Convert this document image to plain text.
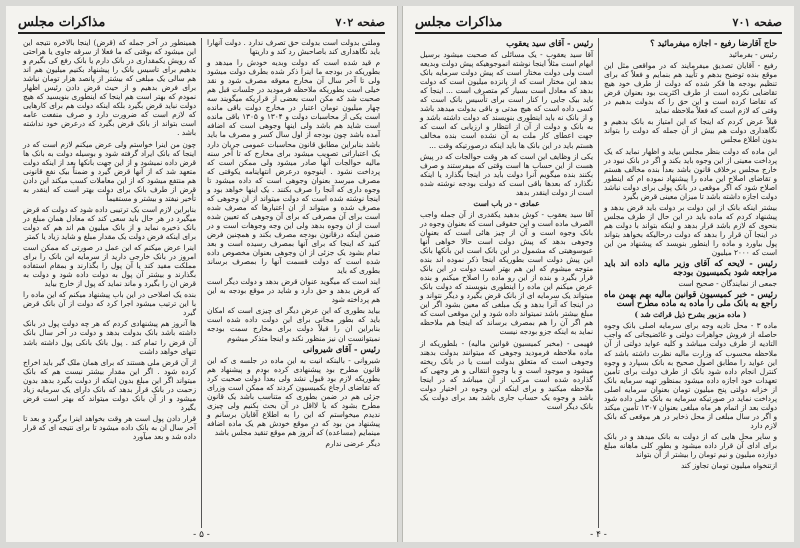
صفحه ۷۰۲
مذاکرات مجلس

وملتی بدولت است بدولت حق تصرف ندارد . دولت آنهارا باید نگاهداری کند باصاحبش رد کند و داریتها

م قید شده است که دولت وبدیه خودش را میدهد و بطوریکه در بودجه ما اینرا ذکر شده بطرف دولت میشود ولی تا آخر سال آن مخارج معوقه مصرف شود و نقد خیلی است بطوریکه ملاحظه فرمودید در جلسات قبل هم صحبت شد که مکن است بعضی از قراریکه میگویند سه چهار میلیون تومان اعتبار در مخارج دولت باقی مانده است یکی از محاسبات دولت و ۱۳۰۴ و ۱۳۰۵ باقی مانده است شاید هم باشد ولی اینها وجوهی است که اضافه آمده باشد چون بودجه از اول سال کسر و مصرف ما باید باشد بنابراین مطابق قانون محاسبات عمومی جریان دارد یک اعتباراتی تصویب میشود برای مخارج که تا آخر سنه مالیه حوالجات آنها صادر میشود ولی ممکن است که پرداخت نشود . اینوجوه درعرض انتهاینامه یکوقتی که مصرف میرسد بعنوان وجوهی است که داده میشود تا وجوه داری که آنجا را صرف بکنند . یک اینها خواهد بود و اینجا نوشته شده است که دولت میتواند از ان وجوهی که مصرف شده و میتواند از ان اعتبارها که مصرف شده است برای آن مصرفی که برای آن وجوهی که تعیین شده است از ان وجوه بدهد ولی این وجه وجوهات است و در ضمن اینکه درقانون بودجه مصرف بکند و همچنین فرض کنید که اینجا که برای آنها بمصرف رسیده است و بعد تمام بشود یک جزئی از ان وجوهی بعنوان مخصوص داده شده است که دولت قسمت آنها را بمصرف برساند بطوری که باید

ایند است که میگوید عنوان قرض بدهد و دولت دیگر است که قرض بدهد و حق دارد و شاید در موقع بودجه به این هم پرداخته شود

بیاید بطوری که این عرض دیگر ای چیزی است که امکان باید که بطور مجانی برای این دولت داده شده است بنابراین ان را قبلاً دولت برای مخارج سمت بودجه نمیتوانست ان نیز منظور نکند و اینجا متذکر میشوم

رئیس - آقای شیروانی

شیروانی - بالبنکه انیت به این ماده در جلسه ی که این قانون مطرح بود پیشنهادی کرده بودم و پیشنهاد هم بطوریکه لازم بود قبول نشد ولی بعداً دولت صحبت کرد که تقاضای ارجاع بکمیسیون کردند که ممکن است وزرای جزئی هم در ضمن بطوری که متناسب باشد یک قانون مطرح بشود که یا لااقل در آن بحث بکنیم ولی چیزی ندیدم میخواستم که این را به اطلاع آقایان برسانم و پیشنهاد من بود که در موقع خودش هم یک ماده اضافه مینمایم (مساعده) که آنروز هم موقع تنقید مجلس باشد

دیگر عرضی ندارم

همینطور در آخر جمله که (قرض) اینجا بالاخره نتیجه این این میشود که بوقتی که ما فعلا از سرقه جاوی یا هراحتی که رویش یکمقداری در بانک دارم یا بانک رفع کی بگیرم و بدهیم برای تاسیس بانک را پیشنهاد بکنیم میلیون هم اند هم سالی یک مبلغی که بیشتر از پانصد هزار تومان نباشد برای فرض بدهیم و از حیث قرض دادن رئیس اظهار نمودم که بهتر است هم اینجا که اینطوری بنویسید که هیچ دولت نباید قرض بگیرد بلکه اینکه دولت هم برای کارهایی که لازم است که ضرورت دارد و صرف منفعت عامه است بتواند از بانک قرض بگیرد که درعرض خود نداشته باشد .

چون من اینرا خواستم ولی عرض میکنم لازم است که در اینجا که بانک ایراد گرفته شود و بوسیله دولت به بانک ها قرض داده نمیشود و از این جهت بانکها بعد از اینکه دولت متعهد شد که از آنها قرض گیرد و ضمناً بیک نفع قانونی هم منتفع میشود که از این معاملات کسب میکند این دادن قرض از طرف بانک برای دولت بهتر است که اینقدر به تأخیر نیفتد و بیشتر و مستقیماً

بنابراین لازم است یک ترتیبی داده شود که دولت که قرض میگیرد در هر حال باید سعی کند که معادل همان مبلغ در بانک ذخیره نماید و از بانک میلیون هم اند هم که دولت برای اینکه فرض دولت یک مقدار مبلغ و شاید زیاد یا کمتر

اینرا عرض میکنم که این عمل در صورتی که ممکن است امروز در بانک خارجی دارید از سرمایه این بانک را برای مملکت مفید کند یا آن پول را بگذارند و بمقام استفاده بگذارند و بیشتر آن پول به دولت داده شود و دولت به قرض ان را بگیرد و ماند نماید که پول از خارج بیاید

بنده یک اصلاحی در این باب پیشنهاد میکنم که این ماده را با این ترتیب میشود اجرا کرد که دولت از آن بانک قرض گیرد

ها آنروز هم پیشنهادی کردم که هر چه دولت پول در بانک داشته باشد بانک بدولت بدهد و دولت در آخر سال بانک آن قرض را تمام کند . پول بانک بانکی پول داشته باشد تنهای خواهد داشت

از آن قرض ملی هستند که برای همان ملک گیر باید اخراج کرده شود . اگر این مقدار بیشتر نیست هم که بانک میتواند اگر این مبلغ بدون اینکه از دولت بگیرد بدهد بدون زحمت در بانک قرار بدهد که بانک دارای یک سرمایه زیاد میشود و از آن بانک دولت میتواند که بهتر است قرض بگیرد

قرار دادن پول است هر وقت بخواهد اینرا برگیرد و بعد تا آخر سال ان به بانک داده میشود تا برای نتیجه ای که قرار داده شد و بعد میآورد

- ۵ -
صفحه ۷۰۱
مذاکرات مجلس
حاج آقارضا رفیع - اجازه میفرمائید ؟

رئیس - بفرمائید

رفیع - آقایان تصدیق میفرمایند که در مواقعی مثل این موقع بنده توضیح بدهم و تأیید هم بنمایم و فعلاً که برای تنظیم بودجه ها فکر شده که دولت از طرف خود هیچ تقاضایی نکرده است از طرف اکثریت بود بعنوان قرض که تقاضا کرده است و این حق را که بدولت بدهیم در وقتی که لازم است که فعلاً ملاحظه نماید

قبلاً عرض کردم که اینجا که این امتیاز به بانک بدهیم و نگاهداری دولت هم بیش از آن جمله که دولت را بتواند بدون اطلاع مجلس

این ماده که دولت بنظر مجلس بیاید و اظهار نماید که یک پرداخت معینی از این وجوه باید بکند و اگر در بانک نبود در خارج مجلس برخلاف قانون باشد بعداً بنده مخالف هستم و تقاضای اصلاح این ماده را پیشنهاد نموده ام که اینطور اصلاح شود که اگر موقعی در بانک پولی برای دولت نباشد دولت اجازه داشته باشد تا میزان معینی قرض بگیرد

بیشتر اینکه بانک از این دولت بر دولت باید قرض بدهد و پیشنهاد کردم که ماده باید در این حال از طرف مجلس بنحوی که لازم باشد قرار بدهد و اینکه بتواند با دولت هم در اینجا آن قرار را بدهد که دولت درحالیکه بخواهد بتواند پول بیاورد و ماده را اینطور بنویسد که پیشنهاد من این است که ۲۰۰۰ میلیون

رئیس - لایحه که آقای وزیر مالیه داده اند باید مراجعه شود بکمیسیون بودجه

جمعی از نمایندگان - صحیح است

رئیس - خبر کمیسیون قوانین مالیه بهم بهمن ماه راجع به بانک ملی را ماده به ماده مطرح است
( ماده مزبور بشرح ذیل قرائت شد )

ماده ۳ - محل تادیه وجه برای سرمایه اصلی بانک وجوه حاصله از فروش جواهرات دولتی و غائضیجاتی که واجب التادیه از طرف دولت میباشد و کلیه عواید دولتی از آن ملاحظه محسوب که وزارت مالیه نظرت داشته باشد که این عواید را مطابق اصول صحیح به بانک بسپارد و وجوه کنترل انجام داده شود بانک از طرف دولت برای تأمین تعهدات خود اجازه داده میشود بمنظور تهیه سرمایه بانک از خزانه دولتی پنج میلیون تومان بعنوان سرمایه اصلی پرداخت نماید در صورتیکه سرمایه به بانک ملی داده شود دولت بعد از اتمام هر ماه مبلغی بعنوان ۱۳۰۷ تأمین میکند و اگر در سال مبلغی از محل ذخایر در هر موقعی که بانک لازم دارد

و سایر محل هایی که از دولت به بانک میدهد و در بانک برای ادای آن قرار داده میشود و بطور کلی ماهانه مبلغ دوازده میلیون و نیم تومان را بیشتر از آن بتواند

ازتنخواه میلیون تومان تجاوز کند

رئیس - آقای سید یعقوب

آقا سید یعقوب - یک مسائلی که صحبت میشود برسیل ایهام است مثلاً اینجا نوشته انموجوهیکه پیش دولت وبدیعه است ولی دولت مختار است که پیش دولت سرمایه بانک بدهد این مختار است که از پانزده میلیون است که دولت بدهد که معادل است بسیار کم متصرف است ... اینجا که باید بیک جایی را کنار است برای تأسیس بانک است که کسی داده است که هیچ مدتی و باقی بدولت میدهد باشد و از بانک نه باید اینطوری بنویسند که دولت داشته باشد و به بانک و دولت از آن از انتظار و ارزیابی که است که جهت اعطای کار ملت به آن نشده است بنده مخالف هستم باید در این بانک ها باید اینکه درصورتیکه وقت ...

یکی از وظایف این است که هر وقت حوالجات که در پیش هست از این حساب ها است وقتی که میفرستند و صرف بکنند بنده میگویم آنرا دولت باید در اینجا بگذارد یا اینکه نگذارد که بعدها باقی است که دولت بودجه نوشته شده است از دولت اینقدر بدهد

عمادی - در باب است

آقا سید یعقوب - کوش بدهید یکقدری از آن جمله واجب الصرف ماده است و این حقوقی است که بعنوان وجوه در بانک وجوه است و آن از چیز هائی است که بعنوان وجوهی بدهد که پیش دولت است حالا خواهی آنها عبوسوهیتی که مشمول در این بانک است این بانکها بانک این پیش دولت است بطوریکه اینجا ذکر نموده اند بنده متوجه میشوم که این هم بهتر است دولت در این بانک قرار بگیرد و بنده از این رو ماده را اصلاح میکنم و بنده عرض میکنم این ماده را اینطوری بنویسند که دولت بانک میتواند یک سرمایه ای از بانک قرض بگیرد و دیگر نتواند و در اینجا که آنرا بدهد و یک مبلغی که معین بشود اگر این مبلغ بیشتر باشد نمیتواند داده شود و این موقعی است که هم اگر آن را هم بمصرف برساند که اینجا هم ملاحظه نماید به اینکه جزو بودجه نیست

فهیمی - (مخبر کمیسیون قوانین مالیه) - بلطوریکه از ماده ملاحظه فرمودید وجوهی که میتوانند بدولت بدهند وجوهی است که متعلق بدولت است یا در بانک ریخته میشود و موجود است و یا وجوه انتقالی و هر وجهی که گذارده شده است مرکب از آن میباشد که در اینجا ملاحظه میکنید و برای اینکه این وجوه در اختیار دولت باشد و وجوه یک حساب جاری باشد بعد برای دولت یک بانک دیگر است

- ۴ -
